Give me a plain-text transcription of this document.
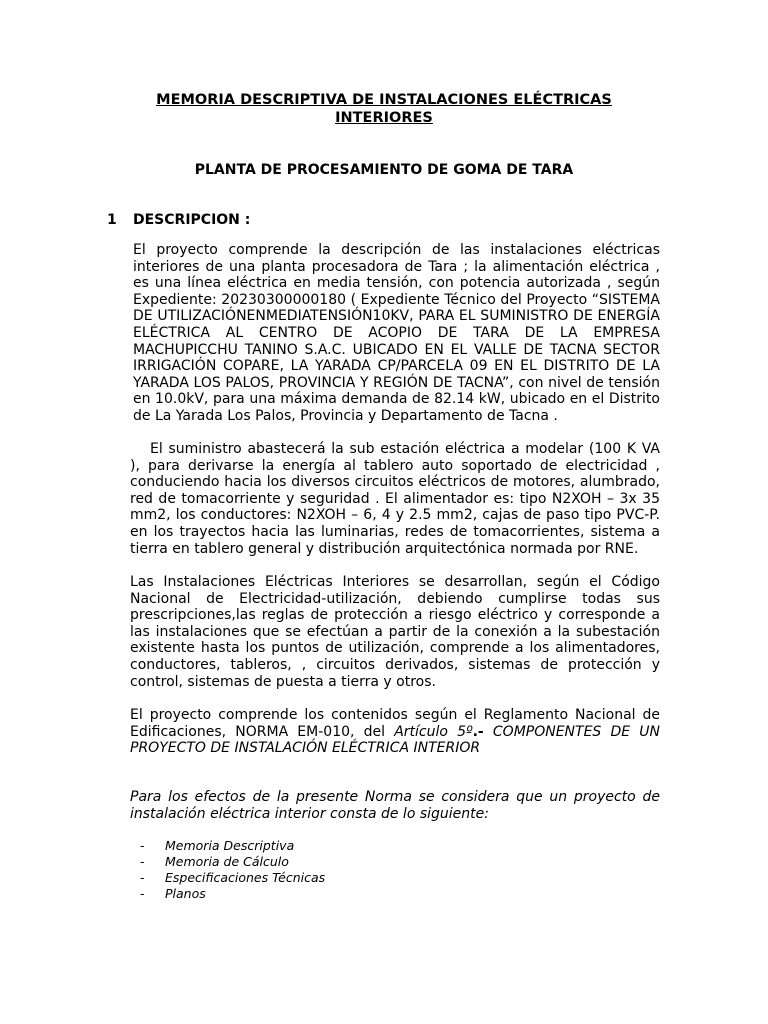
MEMORIA DESCRIPTIVA DE INSTALACIONES ELÉCTRICAS
INTERIORES
PLANTA DE PROCESAMIENTO DE GOMA DE TARA
1 DESCRIPCION :

El proyecto comprende la descripción de las instalaciones eléctricas interiores de una planta procesadora de Tara ; la alimentación eléctrica , es una línea eléctrica en media tensión, con potencia autorizada , según Expediente: 20230300000180 ( Expediente Técnico del Proyecto “SISTEMA DE UTILIZACIÓNENMEDIATENSIÓN10KV, PARA EL SUMINISTRO DE ENERGÍA ELÉCTRICA AL CENTRO DE ACOPIO DE TARA DE LA EMPRESA MACHUPICCHU TANINO S.A.C. UBICADO EN EL VALLE DE TACNA SECTOR IRRIGACIÓN COPARE, LA YARADA CP/PARCELA 09 EN EL DISTRITO DE LA YARADA LOS PALOS, PROVINCIA Y REGIÓN DE TACNA”, con nivel de tensión en 10.0kV, para una máxima demanda de 82.14 kW, ubicado en el Distrito de La Yarada Los Palos, Provincia y Departamento de Tacna .

El suministro abastecerá la sub estación eléctrica a modelar (100 K VA ), para derivarse la energía al tablero auto soportado de electricidad , conduciendo hacia los diversos circuitos eléctricos de motores, alumbrado, red de tomacorriente y seguridad . El alimentador es: tipo N2XOH – 3x 35 mm2, los conductores: N2XOH – 6, 4 y 2.5 mm2, cajas de paso tipo PVC-P. en los trayectos hacia las luminarias, redes de tomacorrientes, sistema a tierra en tablero general y distribución arquitectónica normada por RNE.

Las Instalaciones Eléctricas Interiores se desarrollan, según el Código Nacional de Electricidad-utilización, debiendo cumplirse todas sus prescripciones,las reglas de protección a riesgo eléctrico y corresponde a las instalaciones que se efectúan a partir de la conexión a la subestación existente hasta los puntos de utilización, comprende a los alimentadores, conductores, tableros, , circuitos derivados, sistemas de protección y control, sistemas de puesta a tierra y otros.

El proyecto comprende los contenidos según el Reglamento Nacional de Edificaciones, NORMA EM-010, del Artículo 5º.- COMPONENTES DE UN PROYECTO DE INSTALACIÓN ELÉCTRICA INTERIOR

Para los efectos de la presente Norma se considera que un proyecto de instalación eléctrica interior consta de lo siguiente:

- Memoria Descriptiva
- Memoria de Cálculo
- Especificaciones Técnicas
- Planos
